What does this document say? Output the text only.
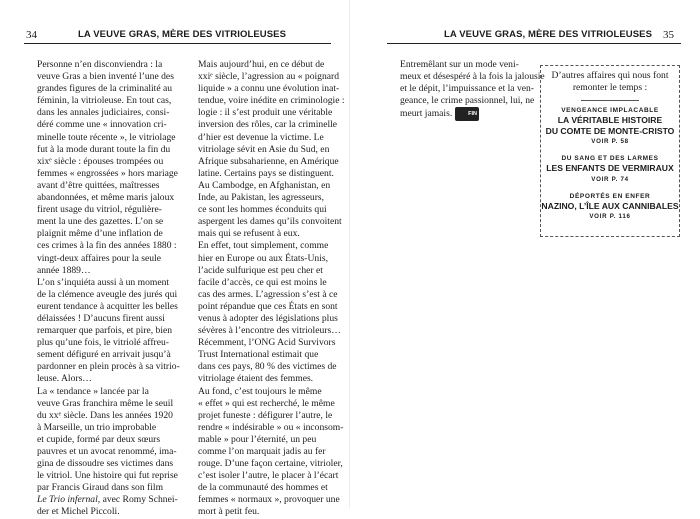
34	LA VEUVE GRAS, MÈRE DES VITRIOLEUSES

Personne n’en disconviendra : la
veuve Gras a bien inventé l’une des
grandes figures de la criminalité au
féminin, la vitrioleuse. En tout cas,
dans les annales judiciaires, consi-
déré comme une « innovation cri-
minelle toute récente », le vitriolage
fut à la mode durant toute la fin du
xixᵉ siècle : épouses trompées ou
femmes « engrossées » hors mariage
avant d’être quittées, maîtresses
abandonnées, et même maris jaloux
firent usage du vitriol, régulière-
ment la une des gazettes. L’on se
plaignit même d’une inflation de
ces crimes à la fin des années 1880 :
vingt-deux affaires pour la seule
année 1889…

L’on s’inquiéta aussi à un moment
de la clémence aveugle des jurés qui
eurent tendance à acquitter les belles
délaissées ! D’aucuns firent aussi
remarquer que parfois, et pire, bien
plus qu’une fois, le vitriolé affreu-
sement défiguré en arrivait jusqu’à
pardonner en plein procès à sa vitrio-
leuse. Alors…

La « tendance » lancée par la
veuve Gras franchira même le seuil
du xxᵉ siècle. Dans les années 1920
à Marseille, un trio improbable
et cupide, formé par deux sœurs
pauvres et un avocat renommé, ima-
gina de dissoudre ses victimes dans
le vitriol. Une histoire qui fut reprise
par Francis Giraud dans son film
Le Trio infernal, avec Romy Schnei-
der et Michel Piccoli.

Mais aujourd’hui, en ce début de
xxiᵉ siècle, l’agression au « poignard
liquide » a connu une évolution inat-
tendue, voire inédite en criminologie :
logie : il s’est produit une véritable
inversion des rôles, car la criminelle
d’hier est devenue la victime. Le
vitriolage sévit en Asie du Sud, en
Afrique subsaharienne, en Amérique
latine. Certains pays se distinguent.
Au Cambodge, en Afghanistan, en
Inde, au Pakistan, les agresseurs,
ce sont les hommes éconduits qui
aspergent les dames qu’ils convoitent
mais qui se refusent à eux.

En effet, tout simplement, comme
hier en Europe ou aux États-Unis,
l’acide sulfurique est peu cher et
facile d’accès, ce qui est moins le
cas des armes. L’agression s’est à ce
point répandue que ces États en sont
venus à adopter des législations plus
sévères à l’encontre des vitrioleurs…
Récemment, l’ONG Acid Survivors
Trust International estimait que
dans ces pays, 80 % des victimes de
vitriolage étaient des femmes.

Au fond, c’est toujours le même
« effet » qui est recherché, le même
projet funeste : défigurer l’autre, le
rendre « indésirable » ou « inconsom-
mable » pour l’éternité, un peu
comme l’on marquait jadis au fer
rouge. D’une façon certaine, vitrioler,
c’est isoler l’autre, le placer à l’écart
de la communauté des hommes et
femmes « normaux », provoquer une
mort à petit feu.

LA VEUVE GRAS, MÈRE DES VITRIOLEUSES 35

Entremêlant sur un mode veni-
meux et désespéré à la fois la jalousie
et le dépit, l’impuissance et la ven-
geance, le crime passionnel, lui, ne
meurt jamais. FIN

D’autres affaires qui nous font remonter le temps :
VENGEANCE IMPLACABLE
LA VÉRITABLE HISTOIRE
DU COMTE DE MONTE-CRISTO
VOIR P. 58
DU SANG ET DES LARMES
LES ENFANTS DE VERMIRAUX
VOIR P. 74
DÉPORTÉS EN ENFER
NAZINO, L’ÎLE AUX CANNIBALES
VOIR P. 116
